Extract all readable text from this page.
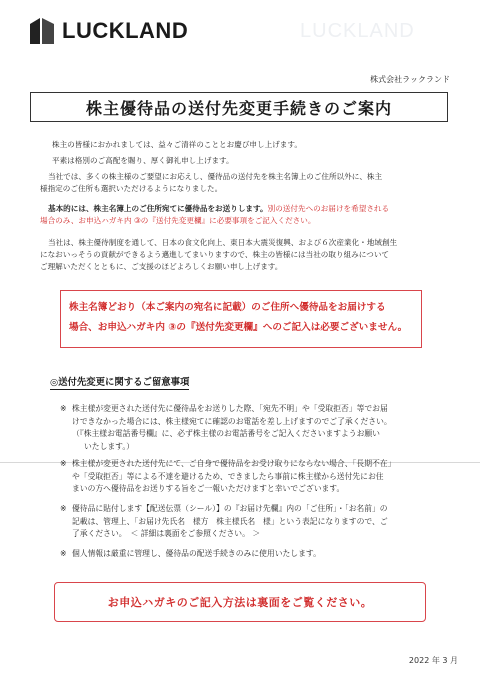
LUCKLAND	LUCKLAND
株式会社ラックランド
株主優待品の送付先変更手続きのご案内
株主の皆様におかれましては、益々ご清祥のこととお慶び申し上げます。
平素は格別のご高配を賜り、厚く御礼申し上げます。
当社では、多くの株主様のご要望にお応えし、優待品の送付先を株主名簿上のご住所以外に、株主
様指定のご住所も選択いただけるようになりました。
基本的には、株主名簿上のご住所宛てに優待品をお送りします。別の送付先へのお届けを希望される
場合のみ、お申込ハガキ内 ③の『送付先変更欄』に必要事項をご記入ください。
当社は、株主優待制度を通して、日本の食文化向上、東日本大震災復興、および６次産業化・地域創生
になおいっそうの貢献ができるよう邁進してまいりますので、株主の皆様には当社の取り組みについて
ご理解いただくとともに、ご支援のほどよろしくお願い申し上げます。
株主名簿どおり（本ご案内の宛名に記載）のご住所へ優待品をお届けする
場合、お申込ハガキ内 ③の『送付先変更欄』へのご記入は必要ございません。
◎送付先変更に関するご留意事項
※ 株主様が変更された送付先に優待品をお送りした際、「宛先不明」や「受取拒否」等でお届
けできなかった場合には、株主様宛てに確認のお電話を差し上げますのでご了承ください。
（『株主様お電話番号欄』に、必ず株主様のお電話番号をご記入くださいますようお願い
いたします。）
※ 株主様が変更された送付先にて、ご自身で優待品をお受け取りにならない場合、「長期不在」
や「受取拒否」等による不達を避けるため、できましたら事前に株主様から送付先にお住
まいの方へ優待品をお送りする旨をご一報いただけますと幸いでございます。
※ 優待品に貼付します【配送伝票（シール）】の『お届け先欄』内の「ご住所」・「お名前」の
記載は、管理上、「お届け先氏名　様方　株主様氏名　様」という表記になりますので、ご
了承ください。　＜ 詳細は裏面をご参照ください。 ＞
※ 個人情報は厳重に管理し、優待品の配送手続きのみに使用いたします。
お申込ハガキのご記入方法は裏面をご覧ください。
2022 年 3 月
